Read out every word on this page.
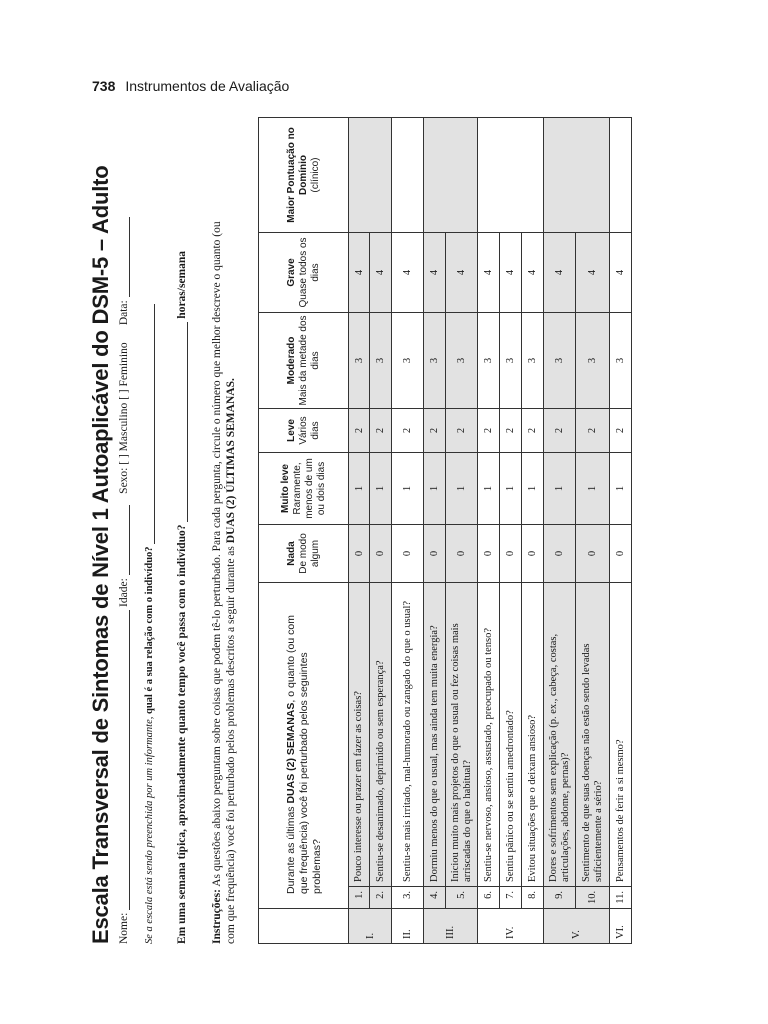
738 Instrumentos de Avaliação
Escala Transversal de Sintomas de Nível 1 Autoaplicável do DSM-5 – Adulto Nome:  Idade:     Sexo: [ ] Masculino [ ] Feminino      Data:
Se a escala está sendo preenchida por um informante, qual é a sua relação com o indivíduo? Em uma semana típica, aproximadamente quanto tempo você passa com o indivíduo?  horas/semana
Instruções: As questões abaixo perguntam sobre coisas que podem tê-lo perturbado. Para cada pergunta, circule o número que melhor descreve o quanto (ou com que frequência) você foi perturbado pelos problemas descritos a seguir durante as DUAS (2) ÚLTIMAS SEMANAS.
	Durante as últimas DUAS (2) SEMANAS, o quanto (ou com que frequência) você foi perturbado pelos seguintes problemas?		Nada De modo algum	Muito leve Raramente, menos de um ou dois dias	Leve Vários dias	Moderado Mais da metade dos dias	Grave Quase todos os dias	Maior Pontuação no Domínio (clínico)
I.	1.	Pouco interesse ou prazer em fazer as coisas?	0	1	2	3	4	
	2.	Sentiu-se desanimado, deprimido ou sem esperança?	0	1	2	3	4	
II.	3.	Sentiu-se mais irritado, mal-humorado ou zangado do que o usual?	0	1	2	3	4	
III.	4.	Dormiu menos do que o usual, mas ainda tem muita energia?	0	1	2	3	4	
	5.	Iniciou muito mais projetos do que o usual ou fez coisas mais arriscadas do que o habitual?	0	1	2	3	4	
IV.	6.	Sentiu-se nervoso, ansioso, assustado, preocupado ou tenso?	0	1	2	3	4	
	7.	Sentiu pânico ou se sentiu amedrontado?	0	1	2	3	4	
	8.	Evitou situações que o deixam ansioso?	0	1	2	3	4	
V.	9.	Dores e sofrimentos sem explicação (p. ex., cabeça, costas, articulações, abdome, pernas)?	0	1	2	3	4	
	10.	Sentimento de que suas doenças não estão sendo levadas suficientemente a sério?	0	1	2	3	4	
VI.	11.	Pensamentos de ferir a si mesmo?	0	1	2	3	4	
